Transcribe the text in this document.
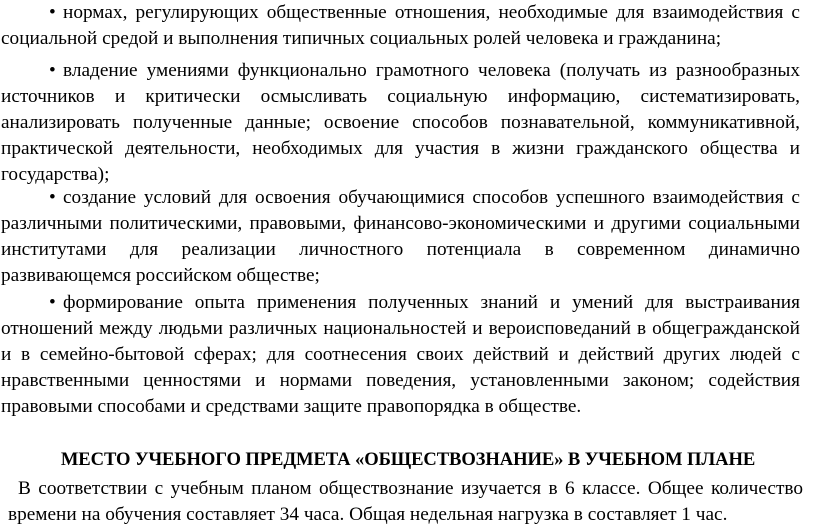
• нормах, регулирующих общественные отношения, необходимые для взаимодействия с социальной средой и выполнения типичных социальных ролей человека и гражданина;
• владение умениями функционально грамотного человека (получать из разнообразных источников и критически осмысливать социальную информацию, систематизировать, анализировать полученные данные; освоение способов познавательной, коммуникативной, практической деятельности, необходимых для участия в жизни гражданского общества и государства);
• создание условий для освоения обучающимися способов успешного взаимодействия с различными политическими, правовыми, финансово-экономическими и другими социальными институтами для реализации личностного потенциала в современном динамично развивающемся российском обществе;
• формирование опыта применения полученных знаний и умений для выстраивания отношений между людьми различных национальностей и вероисповеданий в общегражданской и в семейно-бытовой сферах; для соотнесения своих действий и действий других людей с нравственными ценностями и нормами поведения, установленными законом; содействия правовыми способами и средствами защите правопорядка в обществе.
МЕСТО УЧЕБНОГО ПРЕДМЕТА «ОБЩЕСТВОЗНАНИЕ» В УЧЕБНОМ ПЛАНЕ
В соответствии с учебным планом обществознание изучается в 6 классе. Общее количество времени на обучения составляет 34 часа. Общая недельная нагрузка в составляет 1 час.
